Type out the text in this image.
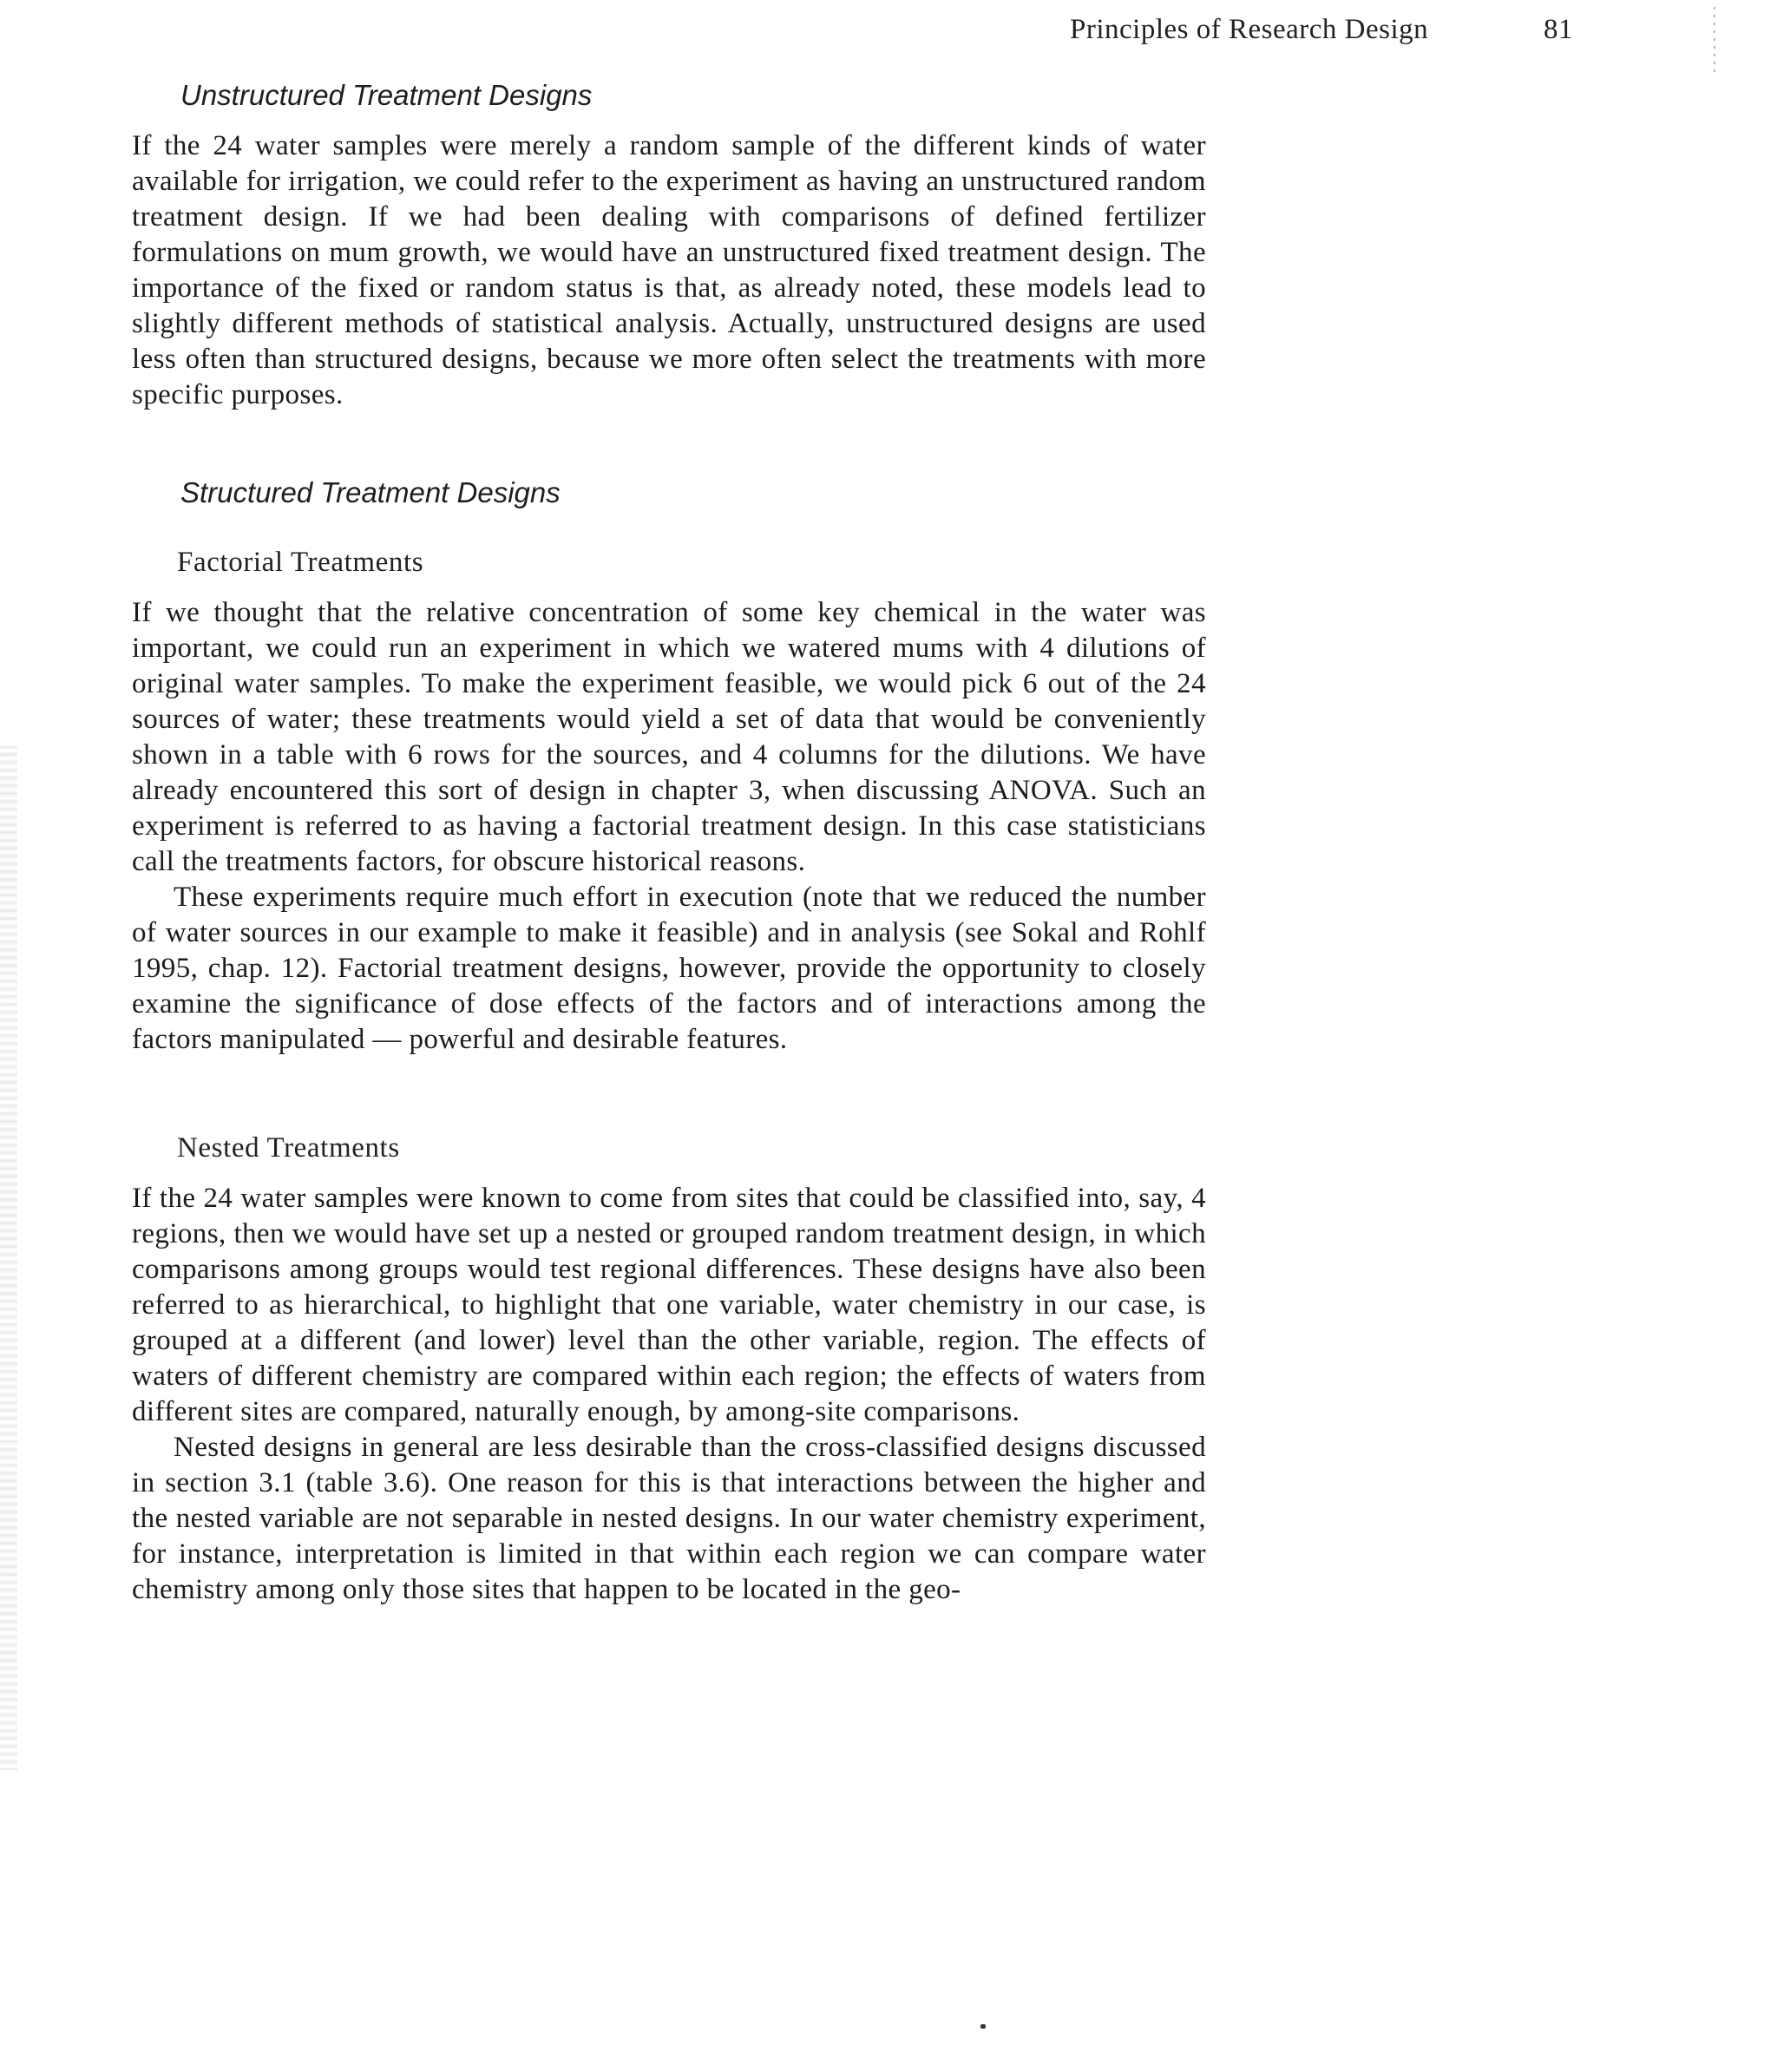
Principles of Research Design	81
Unstructured Treatment Designs

If the 24 water samples were merely a random sample of the different kinds of water available for irrigation, we could refer to the experiment as having an unstructured random treatment design. If we had been dealing with comparisons of defined fertilizer formulations on mum growth, we would have an unstructured fixed treatment design. The importance of the fixed or random status is that, as already noted, these models lead to slightly different methods of statistical analysis. Actually, unstructured designs are used less often than structured designs, because we more often select the treatments with more specific purposes.

Structured Treatment Designs
Factorial Treatments

If we thought that the relative concentration of some key chemical in the water was important, we could run an experiment in which we watered mums with 4 dilutions of original water samples. To make the experiment feasible, we would pick 6 out of the 24 sources of water; these treatments would yield a set of data that would be conveniently shown in a table with 6 rows for the sources, and 4 columns for the dilutions. We have already encountered this sort of design in chapter 3, when discussing ANOVA. Such an experiment is referred to as having a factorial treatment design. In this case statisticians call the treatments factors, for obscure historical reasons.

These experiments require much effort in execution (note that we reduced the number of water sources in our example to make it feasible) and in analysis (see Sokal and Rohlf 1995, chap. 12). Factorial treatment designs, however, provide the opportunity to closely examine the significance of dose effects of the factors and of interactions among the factors manipulated — powerful and desirable features.

Nested Treatments

If the 24 water samples were known to come from sites that could be classified into, say, 4 regions, then we would have set up a nested or grouped random treatment design, in which comparisons among groups would test regional differences. These designs have also been referred to as hierarchical, to highlight that one variable, water chemistry in our case, is grouped at a different (and lower) level than the other variable, region. The effects of waters of different chemistry are compared within each region; the effects of waters from different sites are compared, naturally enough, by among-site comparisons.

Nested designs in general are less desirable than the cross-classified designs discussed in section 3.1 (table 3.6). One reason for this is that interactions between the higher and the nested variable are not separable in nested designs. In our water chemistry experiment, for instance, interpretation is limited in that within each region we can compare water chemistry among only those sites that happen to be located in the geo-
